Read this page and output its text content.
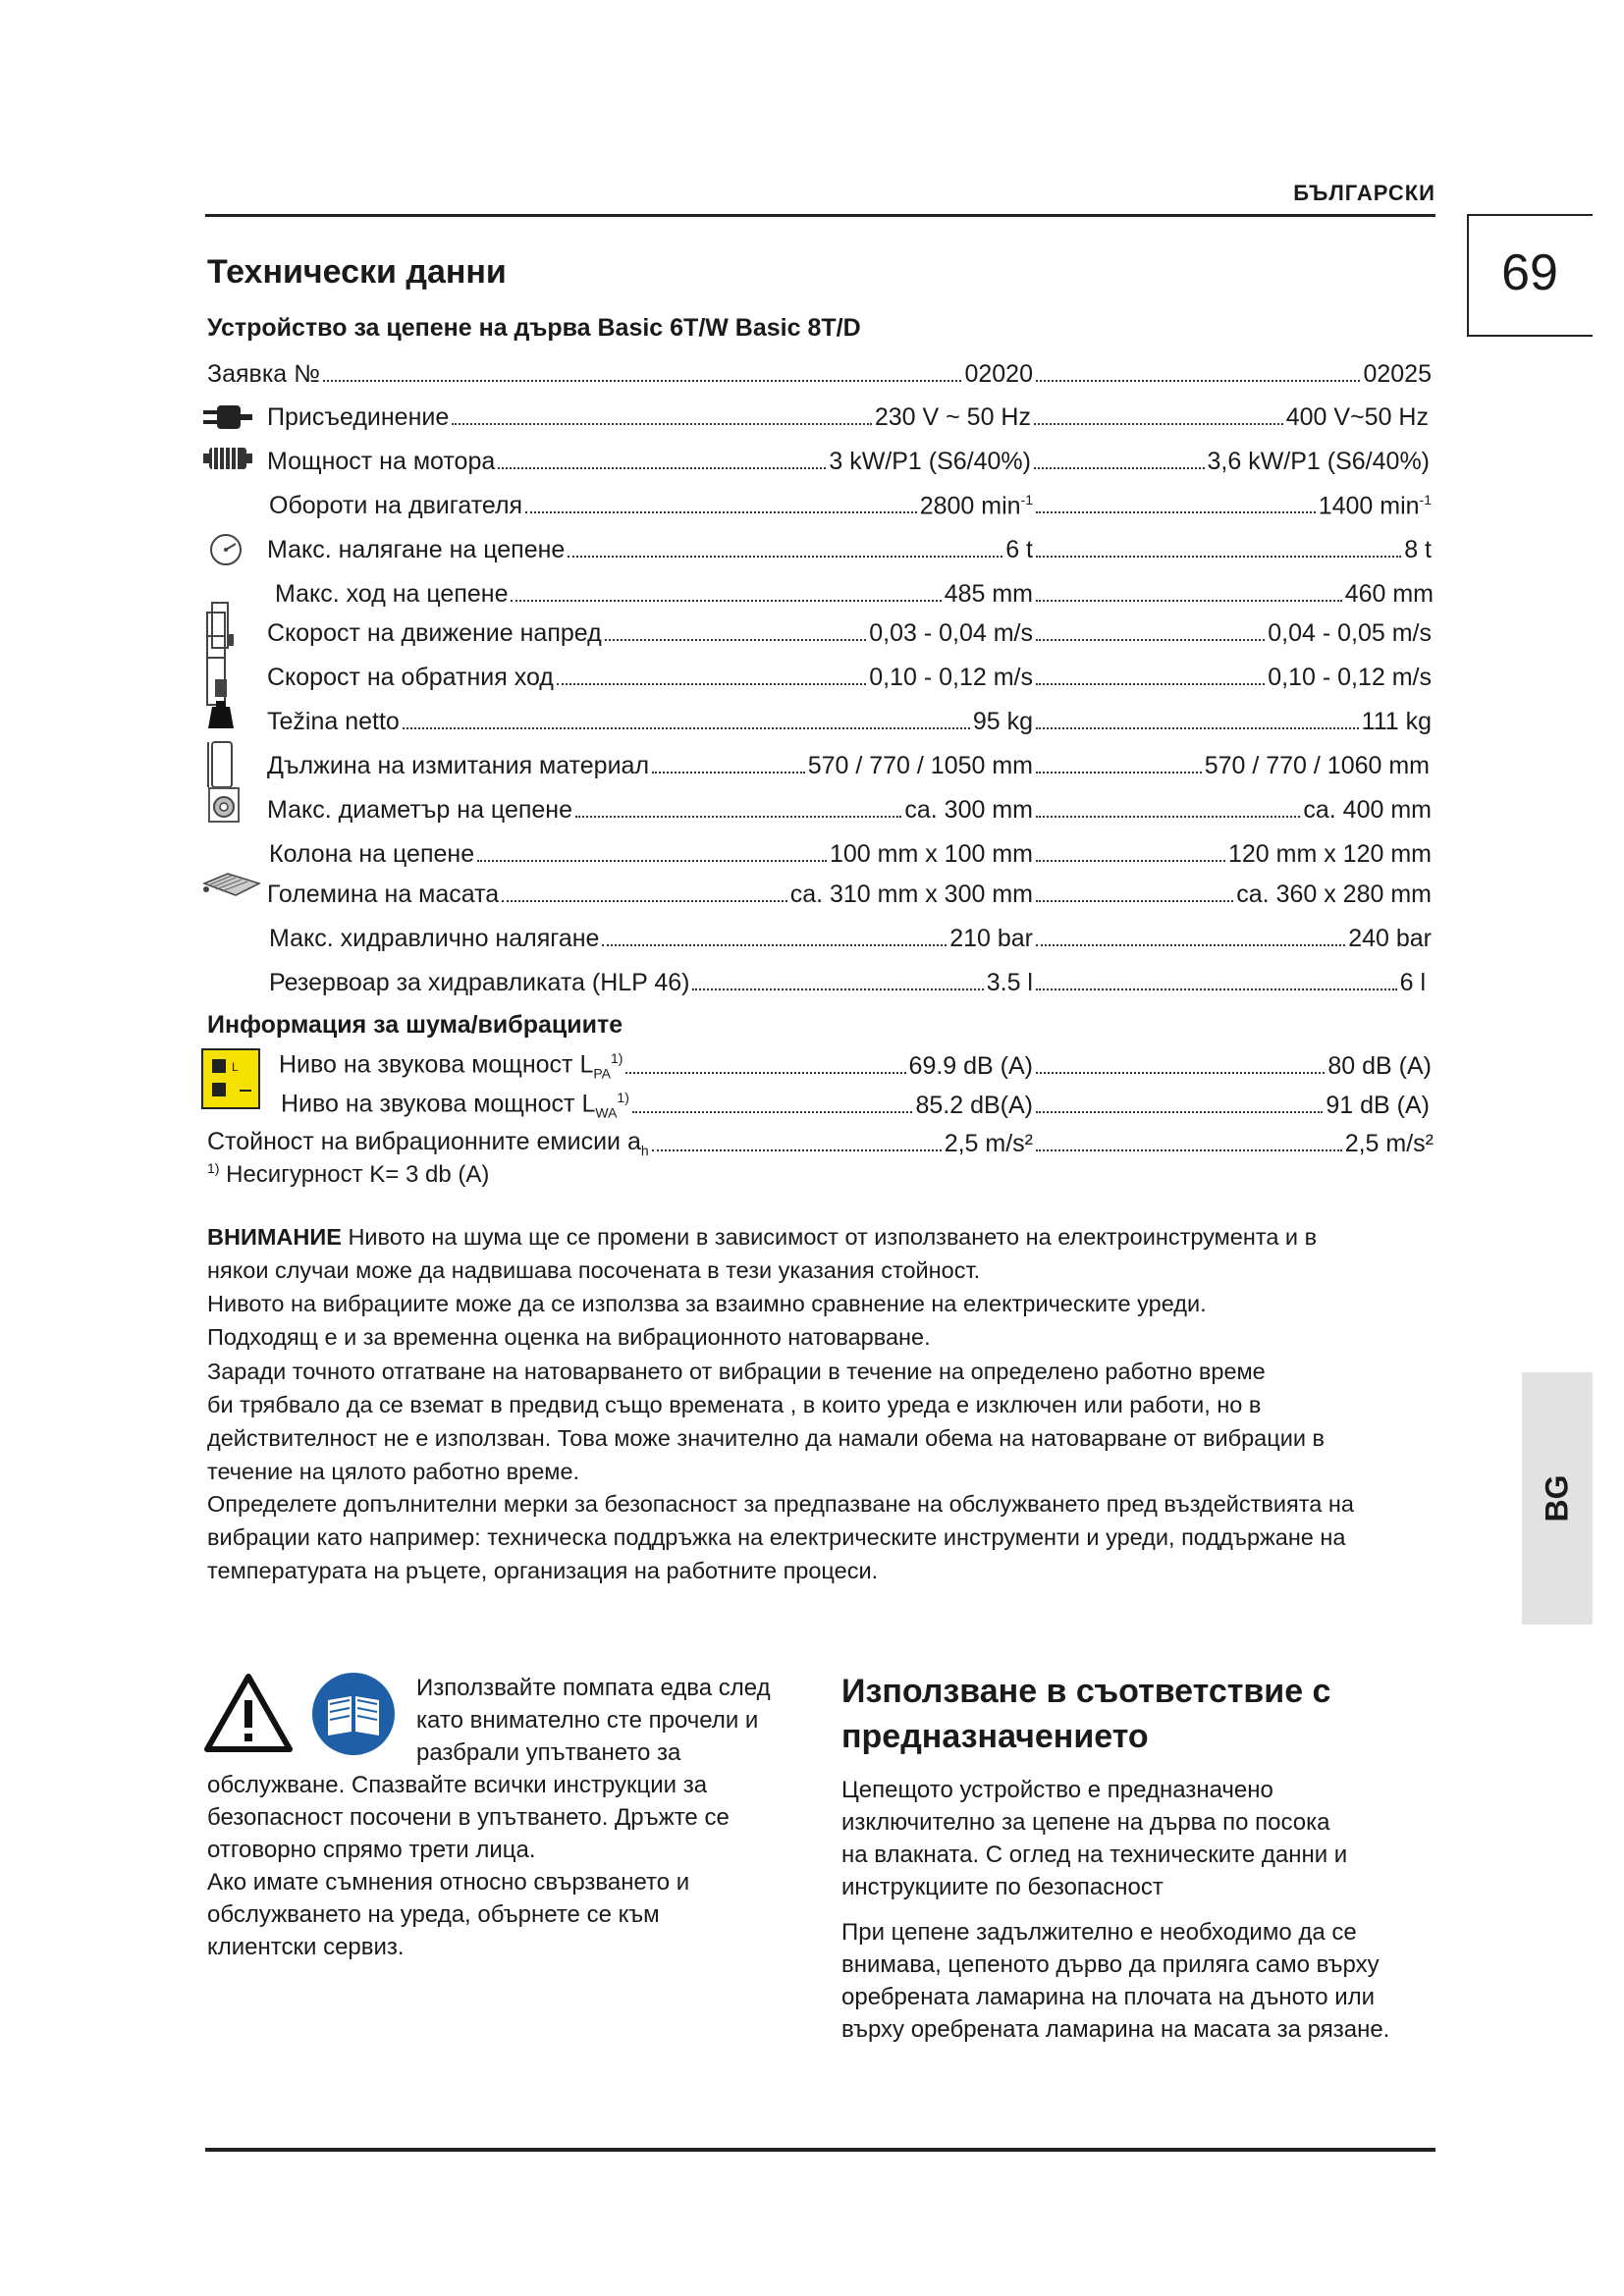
БЪЛГАРСКИ
69
BG
Технически данни
Устройство за цепене на дърва Basic 6T/W Basic 8T/D
L
Заявка №	02020	02025
Присъединение	230 V ~ 50 Hz	400 V~50 Hz
Мощност на мотора	3 kW/P1 (S6/40%)	3,6 kW/P1 (S6/40%)
Обороти на двигателя	2800 $\min^{-1}$	1400 $\min^{-1}$
Макс. налягане на цепене	6 t	8 t
Макс. ход на цепене	485 mm	460 mm
Скорост на движение напред	0,03 - 0,04 m/s	0,04 - 0,05 m/s
Скорост на обратния ход	0,10 - 0,12 m/s	0,10 - 0,12 m/s
Težina netto	95 kg	111 kg
Дължина на измитания материал	570 / 770 / 1050 mm	570 / 770 / 1060 mm
Макс. диаметър на цепене	ca. 300 mm	ca. 400 mm
Колона на цепене	100 mm x 100 mm	120 mm x 120 mm
Големина на масата	ca. 310 mm x 300 mm	ca. 360 x 280 mm
Макс. хидравлично налягане	210 bar	240 bar
Резервоар за хидравликата (HLP 46)	3.5 l	6 l
Информация за шума/вибрациите
Ниво на звукова мощност $L_{PA}^{1)}$	69.9 dB (A)	80 dB (A)
Ниво на звукова мощност $L_{WA}^{1)}$	85.2 dB(A)	91 dB (A)
Стойност на вибрационните емисии $a_h$	2,5 m/s²	2,5 m/s²
$^{1)}$ Несигурност K= 3 db (A)
ВНИМАНИЕ Нивото на шума ще се промени в зависимост от използването на електроинструмента и в
някои случаи може да надвишава посочената в тези указания стойност.
Нивото на вибрациите може да се използва за взаимно сравнение на електрическите уреди.
Подходящ е и за временна оценка на вибрационното натоварване.
Заради точното отгатване на натоварването от вибрации в течение на определено работно време
би трябвало да се вземат в предвид също времената , в които уреда е изключен или работи, но в
действителност не е използван. Това може значително да намали обема на натоварване от вибрации в
течение на цялото работно време.
Определете допълнителни мерки за безопасност за предпазване на обслужването пред въздействията на
вибрации като например: техническа поддръжка на електрическите инструменти и уреди, поддържане на
температурата на ръцете, организация на работните процеси.
Използвайте помпата едва след
като внимателно сте прочели и
разбрали упътването за
обслужване. Спазвайте всички инструкции за
безопасност посочени в упътването. Дръжте се
отговорно спрямо трети лица.
Ако имате съмнения относно свързването и
обслужването на уреда, обърнете се към
клиентски сервиз.
Използване в съответствие с
предназначението
Цепещото устройство е предназначено
изключително за цепене на дърва по посока
на влакната. С оглед на техническите данни и
инструкциите по безопасност
При цепене задължително е необходимо да се
внимава, цепеното дърво да приляга само върху
оребрената ламарина на плочата на дъното или
върху оребрената ламарина на масата за рязане.
